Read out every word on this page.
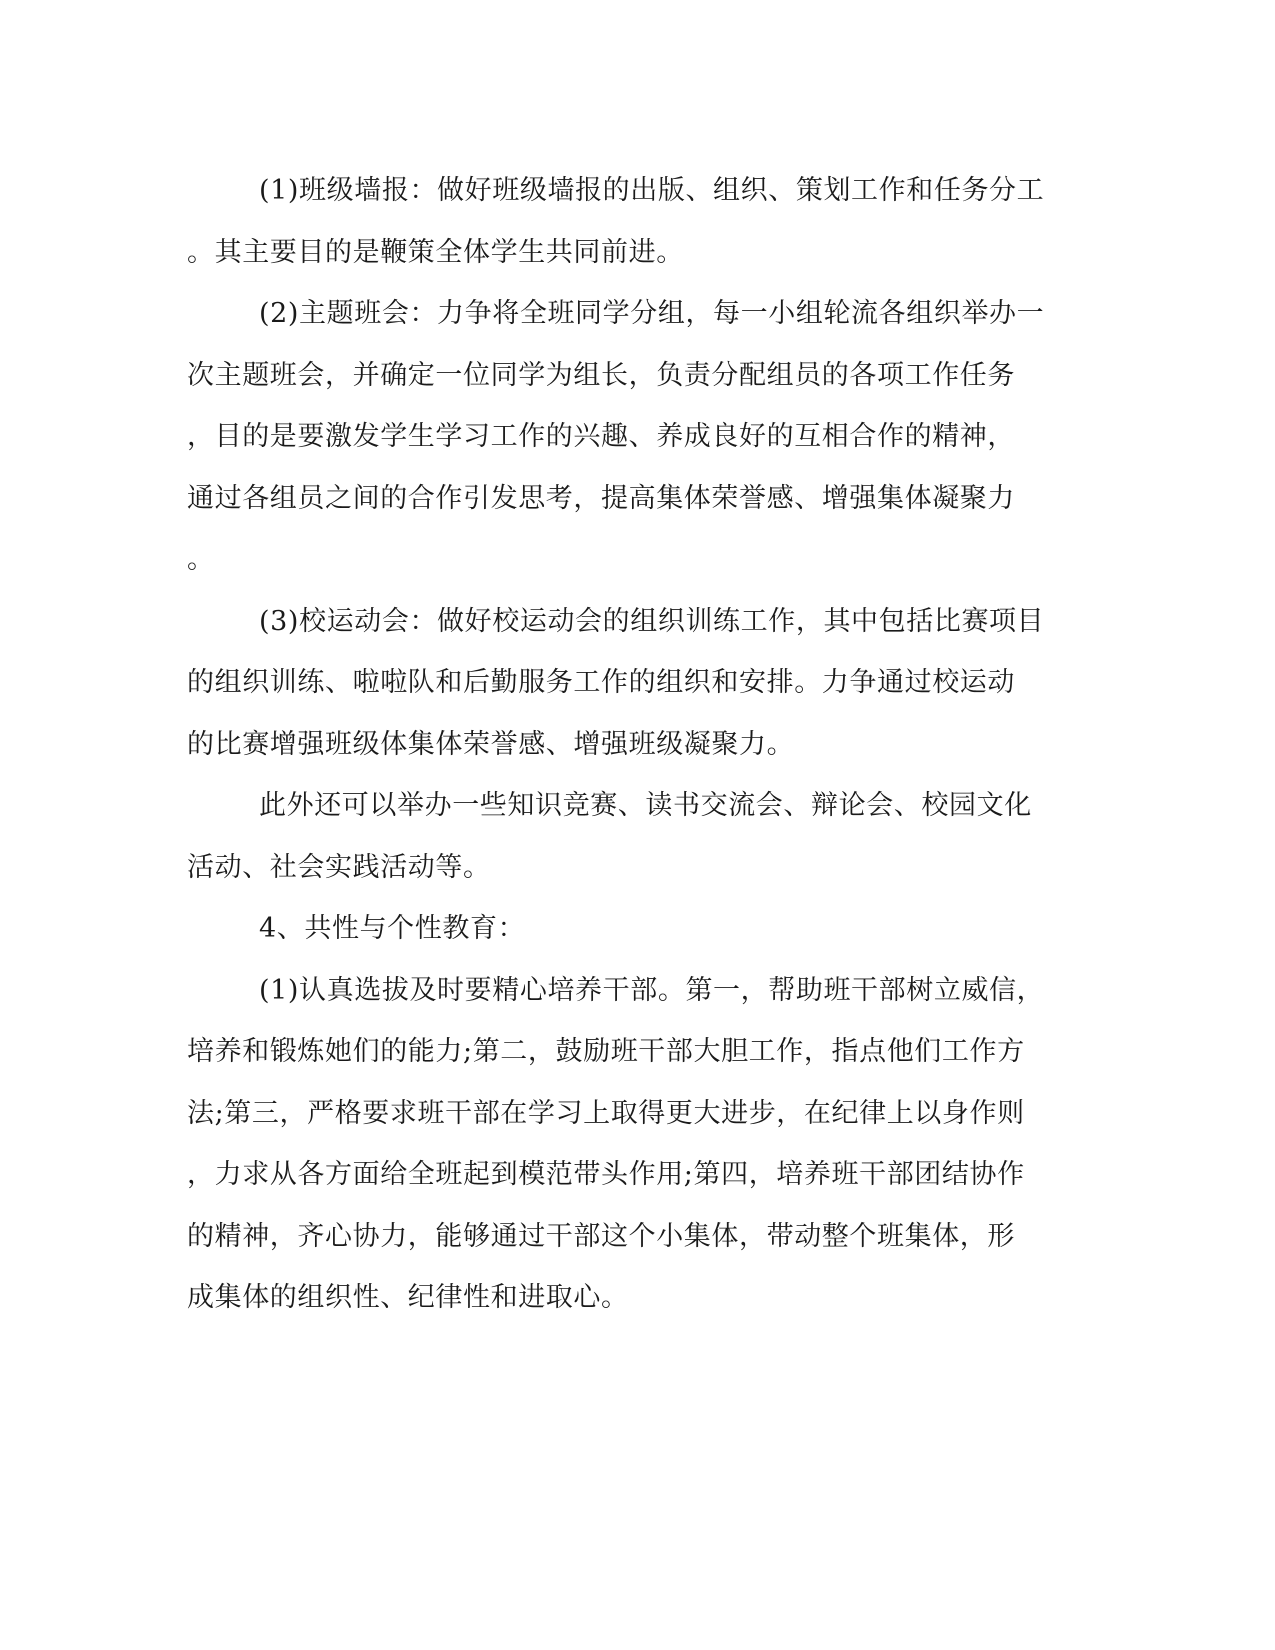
(1)班级墙报：做好班级墙报的出版、组织、策划工作和任务分工
。其主要目的是鞭策全体学生共同前进。
(2)主题班会：力争将全班同学分组，每一小组轮流各组织举办一
次主题班会，并确定一位同学为组长，负责分配组员的各项工作任务
，目的是要激发学生学习工作的兴趣、养成良好的互相合作的精神，
通过各组员之间的合作引发思考，提高集体荣誉感、增强集体凝聚力
。
(3)校运动会：做好校运动会的组织训练工作，其中包括比赛项目
的组织训练、啦啦队和后勤服务工作的组织和安排。力争通过校运动
的比赛增强班级体集体荣誉感、增强班级凝聚力。
此外还可以举办一些知识竞赛、读书交流会、辩论会、校园文化
活动、社会实践活动等。
4、共性与个性教育：
(1)认真选拔及时要精心培养干部。第一，帮助班干部树立威信，
培养和锻炼她们的能力;第二，鼓励班干部大胆工作，指点他们工作方
法;第三，严格要求班干部在学习上取得更大进步，在纪律上以身作则
，力求从各方面给全班起到模范带头作用;第四，培养班干部团结协作
的精神，齐心协力，能够通过干部这个小集体，带动整个班集体，形
成集体的组织性、纪律性和进取心。
